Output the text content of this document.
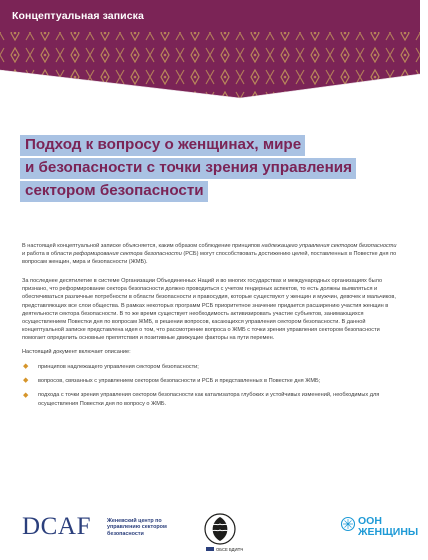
Концептуальная записка
Подход к вопросу о женщинах, мире
и безопасности с точки зрения управления
сектором безопасности

В настоящей концептуальной записке объясняется, каким образом соблюдение принципов надлежащего управления сектором безопасности и работа в области реформирования сектора безопасности (РСБ) могут способствовать достижению целей, поставленных в Повестке дня по вопросам женщин, мира и безопасности (ЖМБ).

За последнее десятилетие в системе Организации Объединенных Наций и во многих государствах и международных организациях было признано, что реформирование сектора безопасности должно проводиться с учетом гендерных аспектов, то есть должны выявляться и обеспечиваться различные потребности в области безопасности и правосудия, которые существуют у женщин и мужчин, девочек и мальчиков, представляющих все слои общества. В рамках некоторых программ РСБ приоритетное значение придается расширению участия женщин в деятельности сектора безопасности. В то же время существует необходимость активизировать участие субъектов, занимающихся осуществлением Повестки дня по вопросам ЖМБ, в решении вопросов, касающихся управления сектором безопасности. В данной концептуальной записке представлена идея о том, что рассмотрение вопроса о ЖМБ с точки зрения управления сектором безопасности помогает определить основные препятствия и позитивные движущие факторы на пути перемен.

Настоящий документ включает описание:

◆ принципов надлежащего управления сектором безопасности;
◆ вопросов, связанных с управлением сектором безопасности и РСБ и представленных в Повестке дня ЖМБ;
◆ подхода с точки зрения управления сектором безопасности как катализатора глубоких и устойчивых изменений, необходимых для осуществления Повестки дня по вопросу о ЖМБ.
DCAF	Женевский центр по управлению сектором безопасности
ОБСЕ БДИПЧ
ООН
ЖЕНЩИНЫ
